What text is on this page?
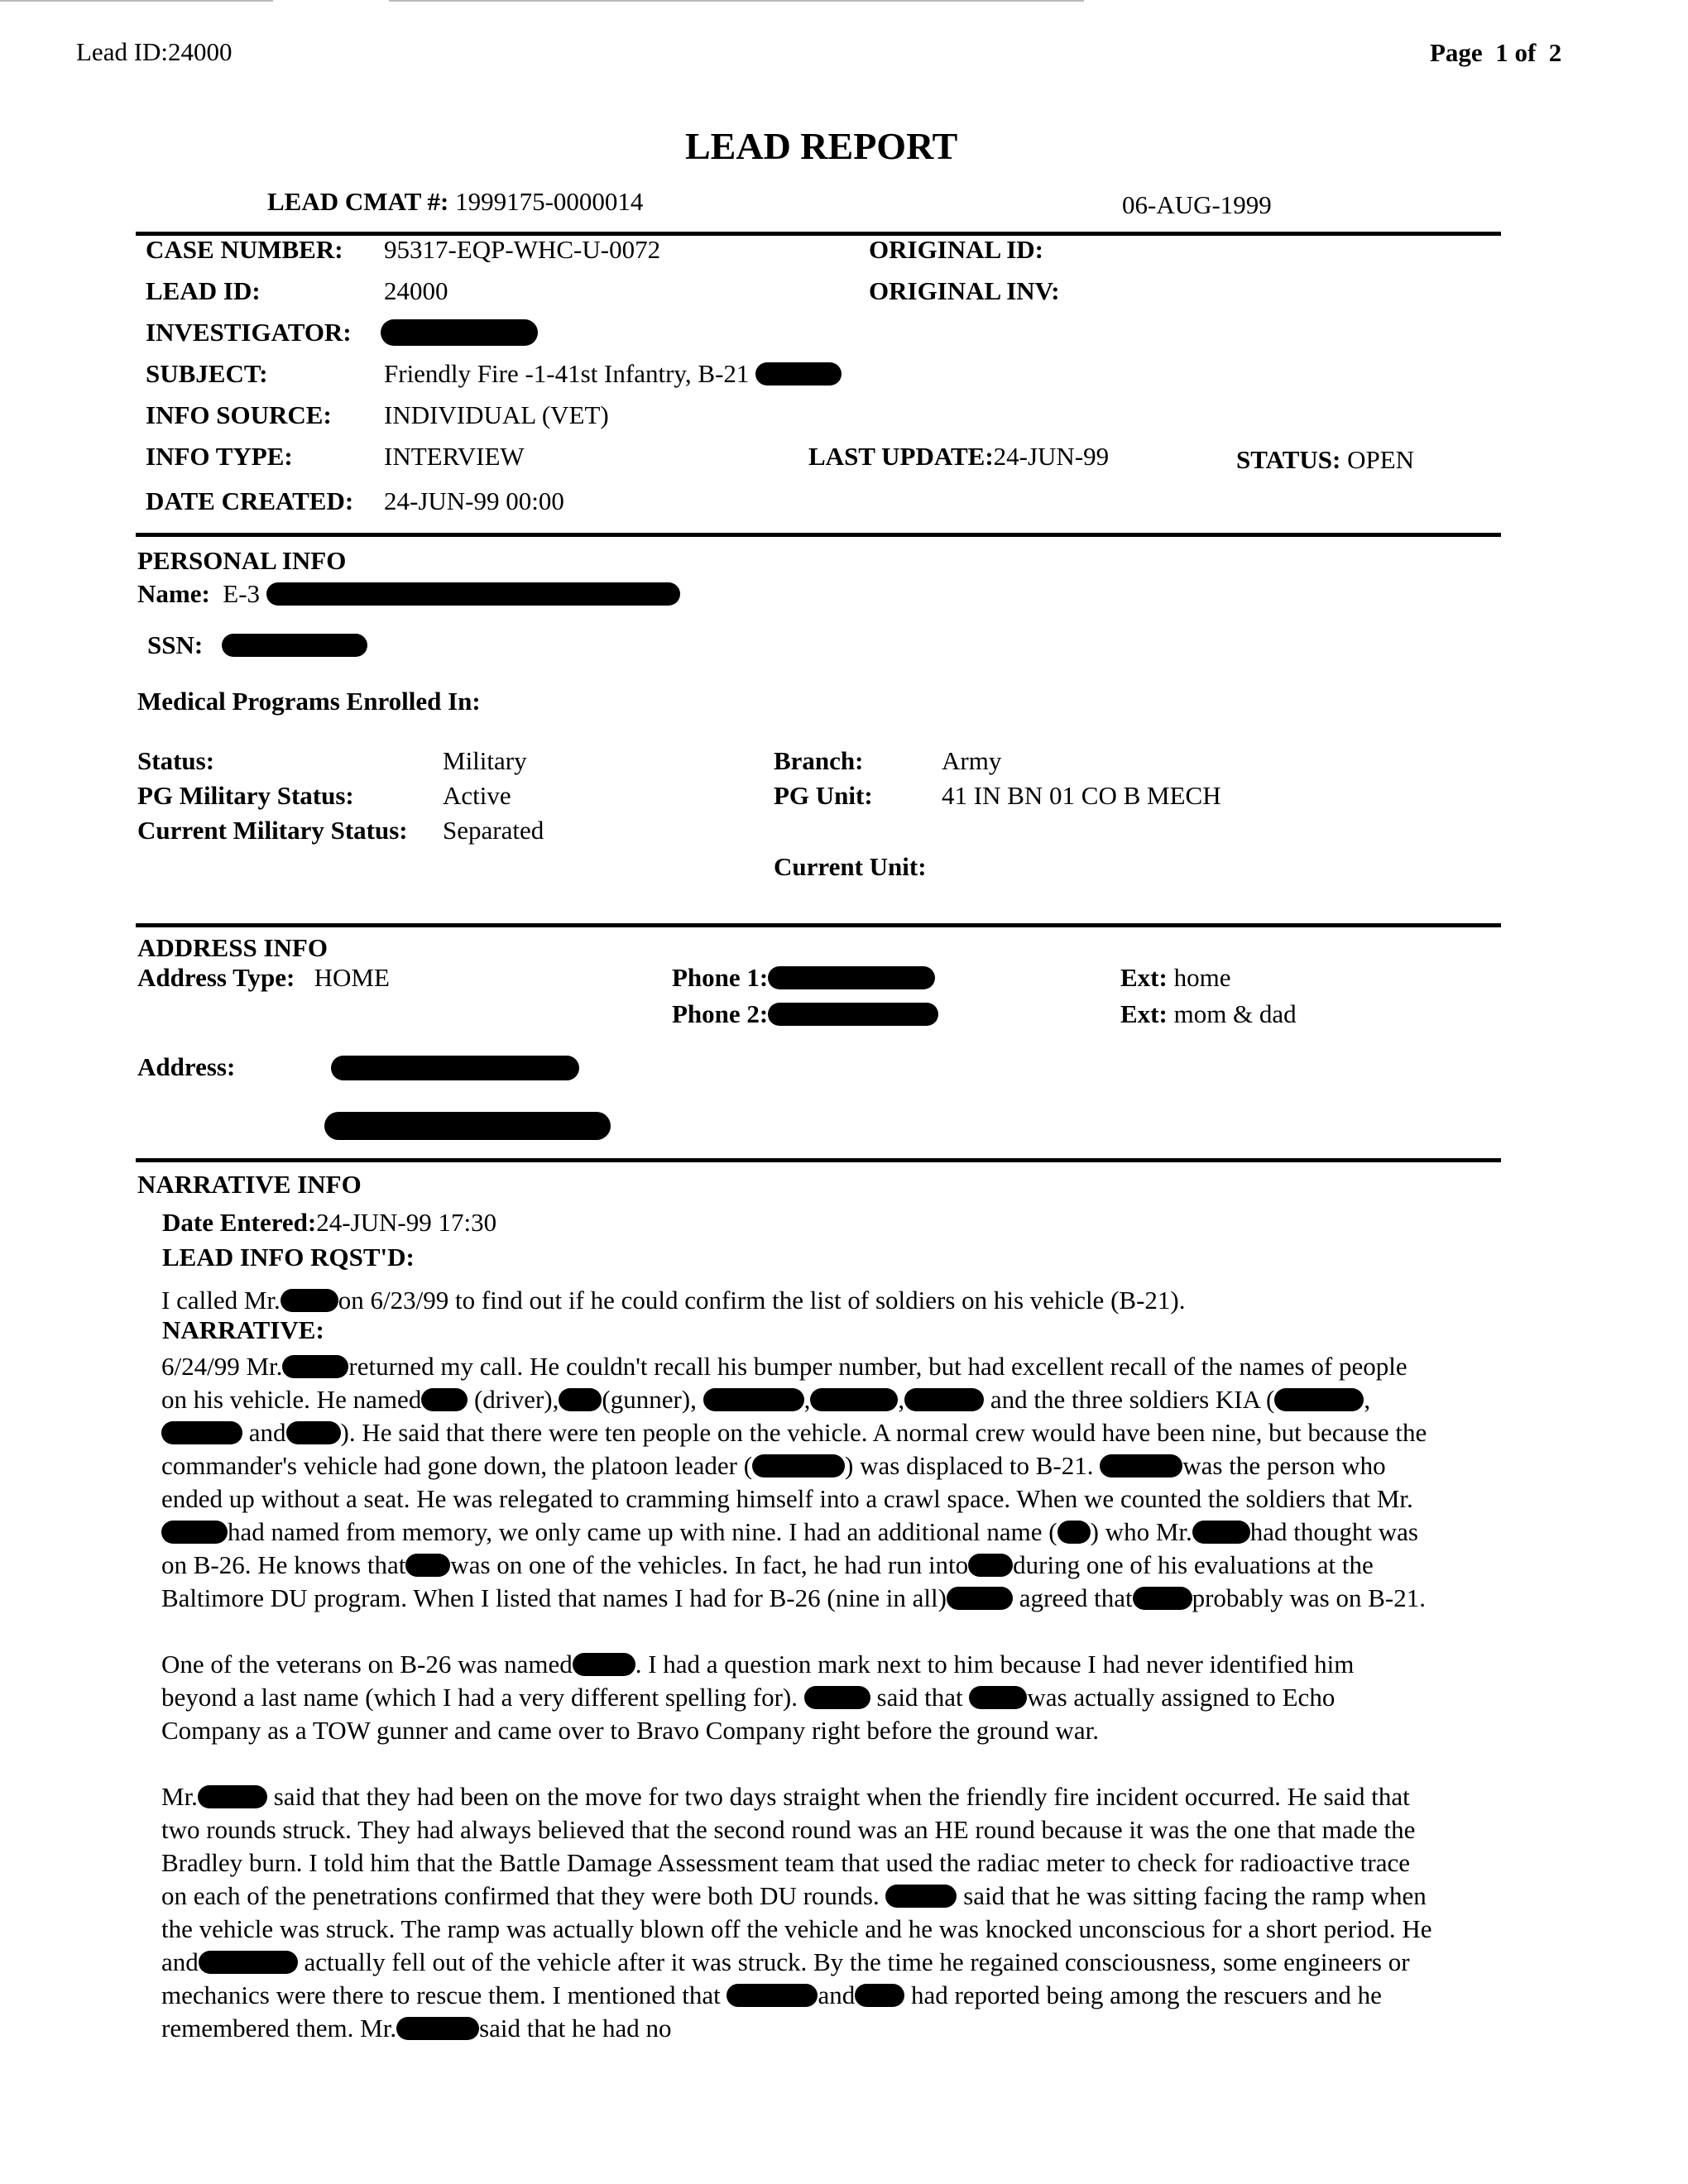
Lead ID:24000	Page 1 of 2
LEAD REPORT
LEAD CMAT #: 1999175-0000014	06-AUG-1999
CASE NUMBER: 95317-EQP-WHC-U-0072	ORIGINAL ID:
LEAD ID:	24000	ORIGINAL INV:
INVESTIGATOR:
SUBJECT:	Friendly Fire -1-41st Infantry, B-21
INFO SOURCE: INDIVIDUAL (VET)
INFO TYPE:	INTERVIEW	LAST UPDATE:24-JUN-99	STATUS: OPEN
DATE CREATED: 24-JUN-99 00:00
PERSONAL INFO
Name: E-3
SSN:
Medical Programs Enrolled In:
Status:	Military	Branch:	Army
PG Military Status:	Active	PG Unit:	41 IN BN 01 CO B MECH
Current Military Status: Separated
Current Unit:
ADDRESS INFO
Address Type: HOME	Phone 1:	Ext: home
Phone 2:	Ext: mom & dad
Address:
NARRATIVE INFO
Date Entered:24-JUN-99 17:30
LEAD INFO RQST'D:

I called Mr. on 6/23/99 to find out if he could confirm the list of soldiers on his vehicle (B-21).

NARRATIVE:

6/24/99 Mr.	returned my call. He couldn't recall his bumper number, but had excellent recall of the names of people on his vehicle. He named (driver), (gunner),	,	,	and the three soldiers KIA (	, and ). He said that there were ten people on the vehicle. A normal crew would have been nine, but because the commander's vehicle had gone down, the platoon leader (	) was displaced to B-21.	was the person who ended up without a seat. He was relegated to cramming himself into a crawl space. When we counted the soldiers that Mr.had named from memory, we only came up with nine. I had an additional name ( ) who Mr. had thought was on B-26. He knows that was on one of the vehicles. In fact, he had run into during one of his evaluations at the Baltimore DU program. When I listed that names I had for B-26 (nine in all)	agreed that probably was on B-21.

One of the veterans on B-26 was named . I had a question mark next to him because I had never identified him beyond a last name (which I had a very different spelling for).	said that	was actually assigned to Echo Company as a TOW gunner and came over to Bravo Company right before the ground war.

Mr.	said that they had been on the move for two days straight when the friendly fire incident occurred. He said that two rounds struck. They had always believed that the second round was an HE round because it was the one that made the Bradley burn. I told him that the Battle Damage Assessment team that used the radiac meter to check for radioactive trace on each of the penetrations confirmed that they were both DU rounds.	said that he was sitting facing the ramp when the vehicle was struck. The ramp was actually blown off the vehicle and he was knocked unconscious for a short period. He and	actually fell out of the vehicle after it was struck. By the time he regained consciousness, some engineers or mechanics were there to rescue them. I mentioned that	and had reported being among the rescuers and he remembered them. Mr.	said that he had no
